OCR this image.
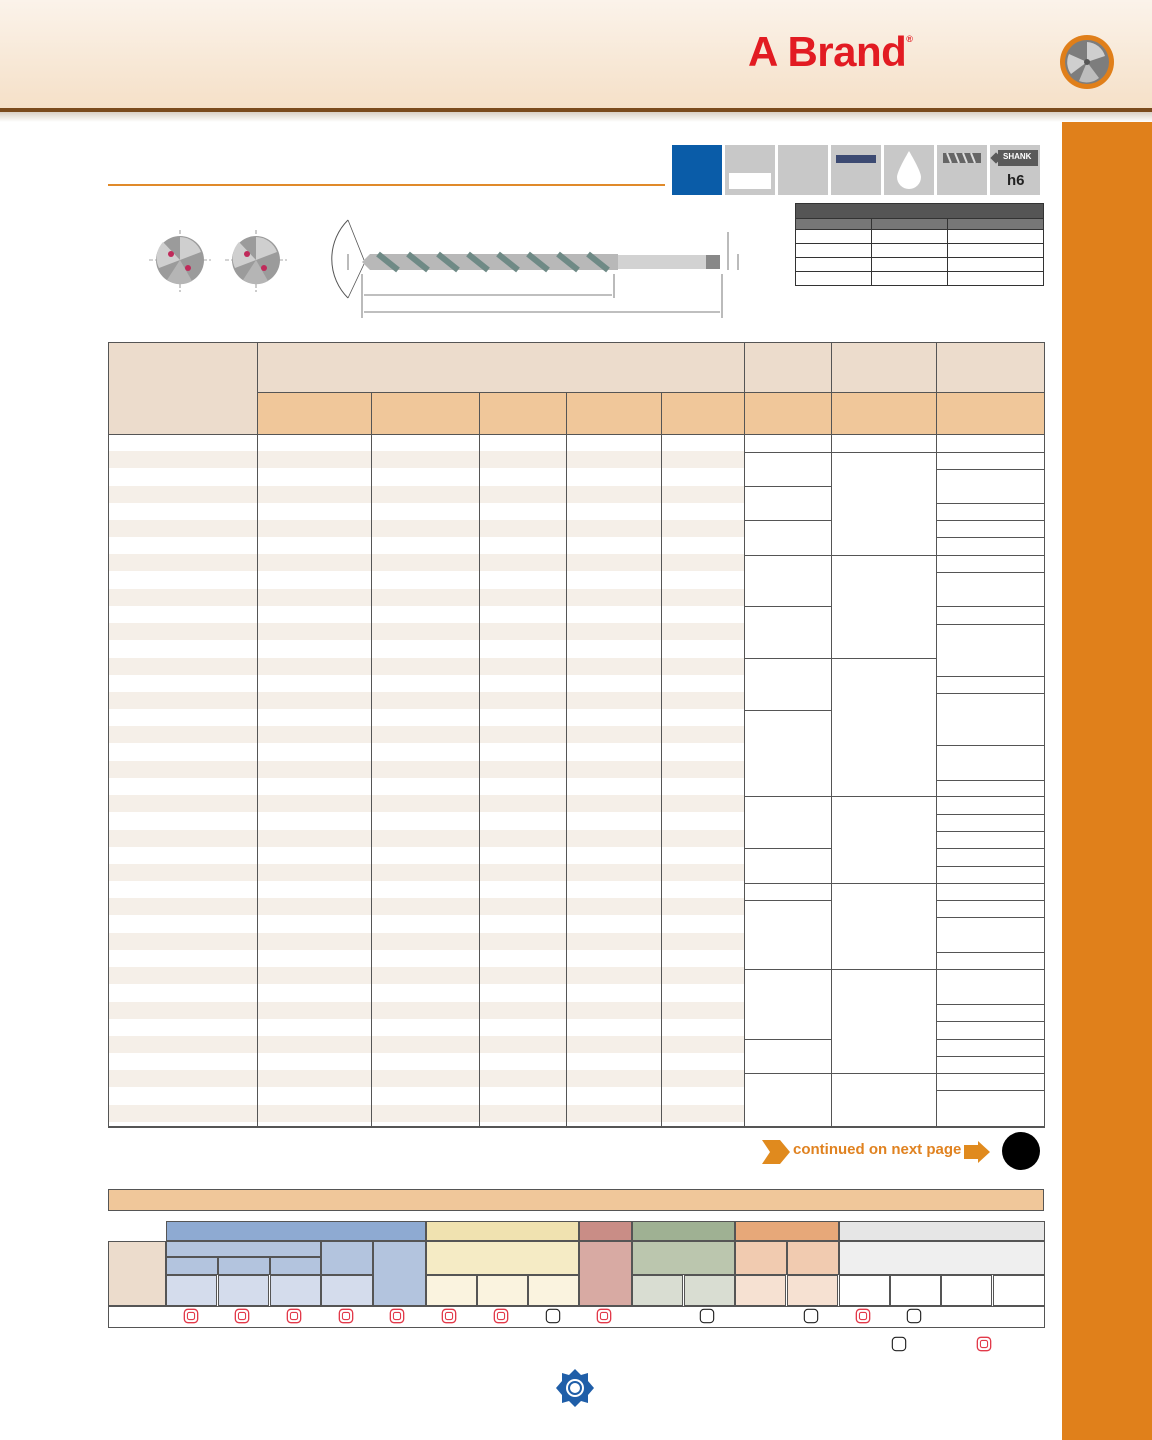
A Brand®
SHANK
h6

continued on next page
